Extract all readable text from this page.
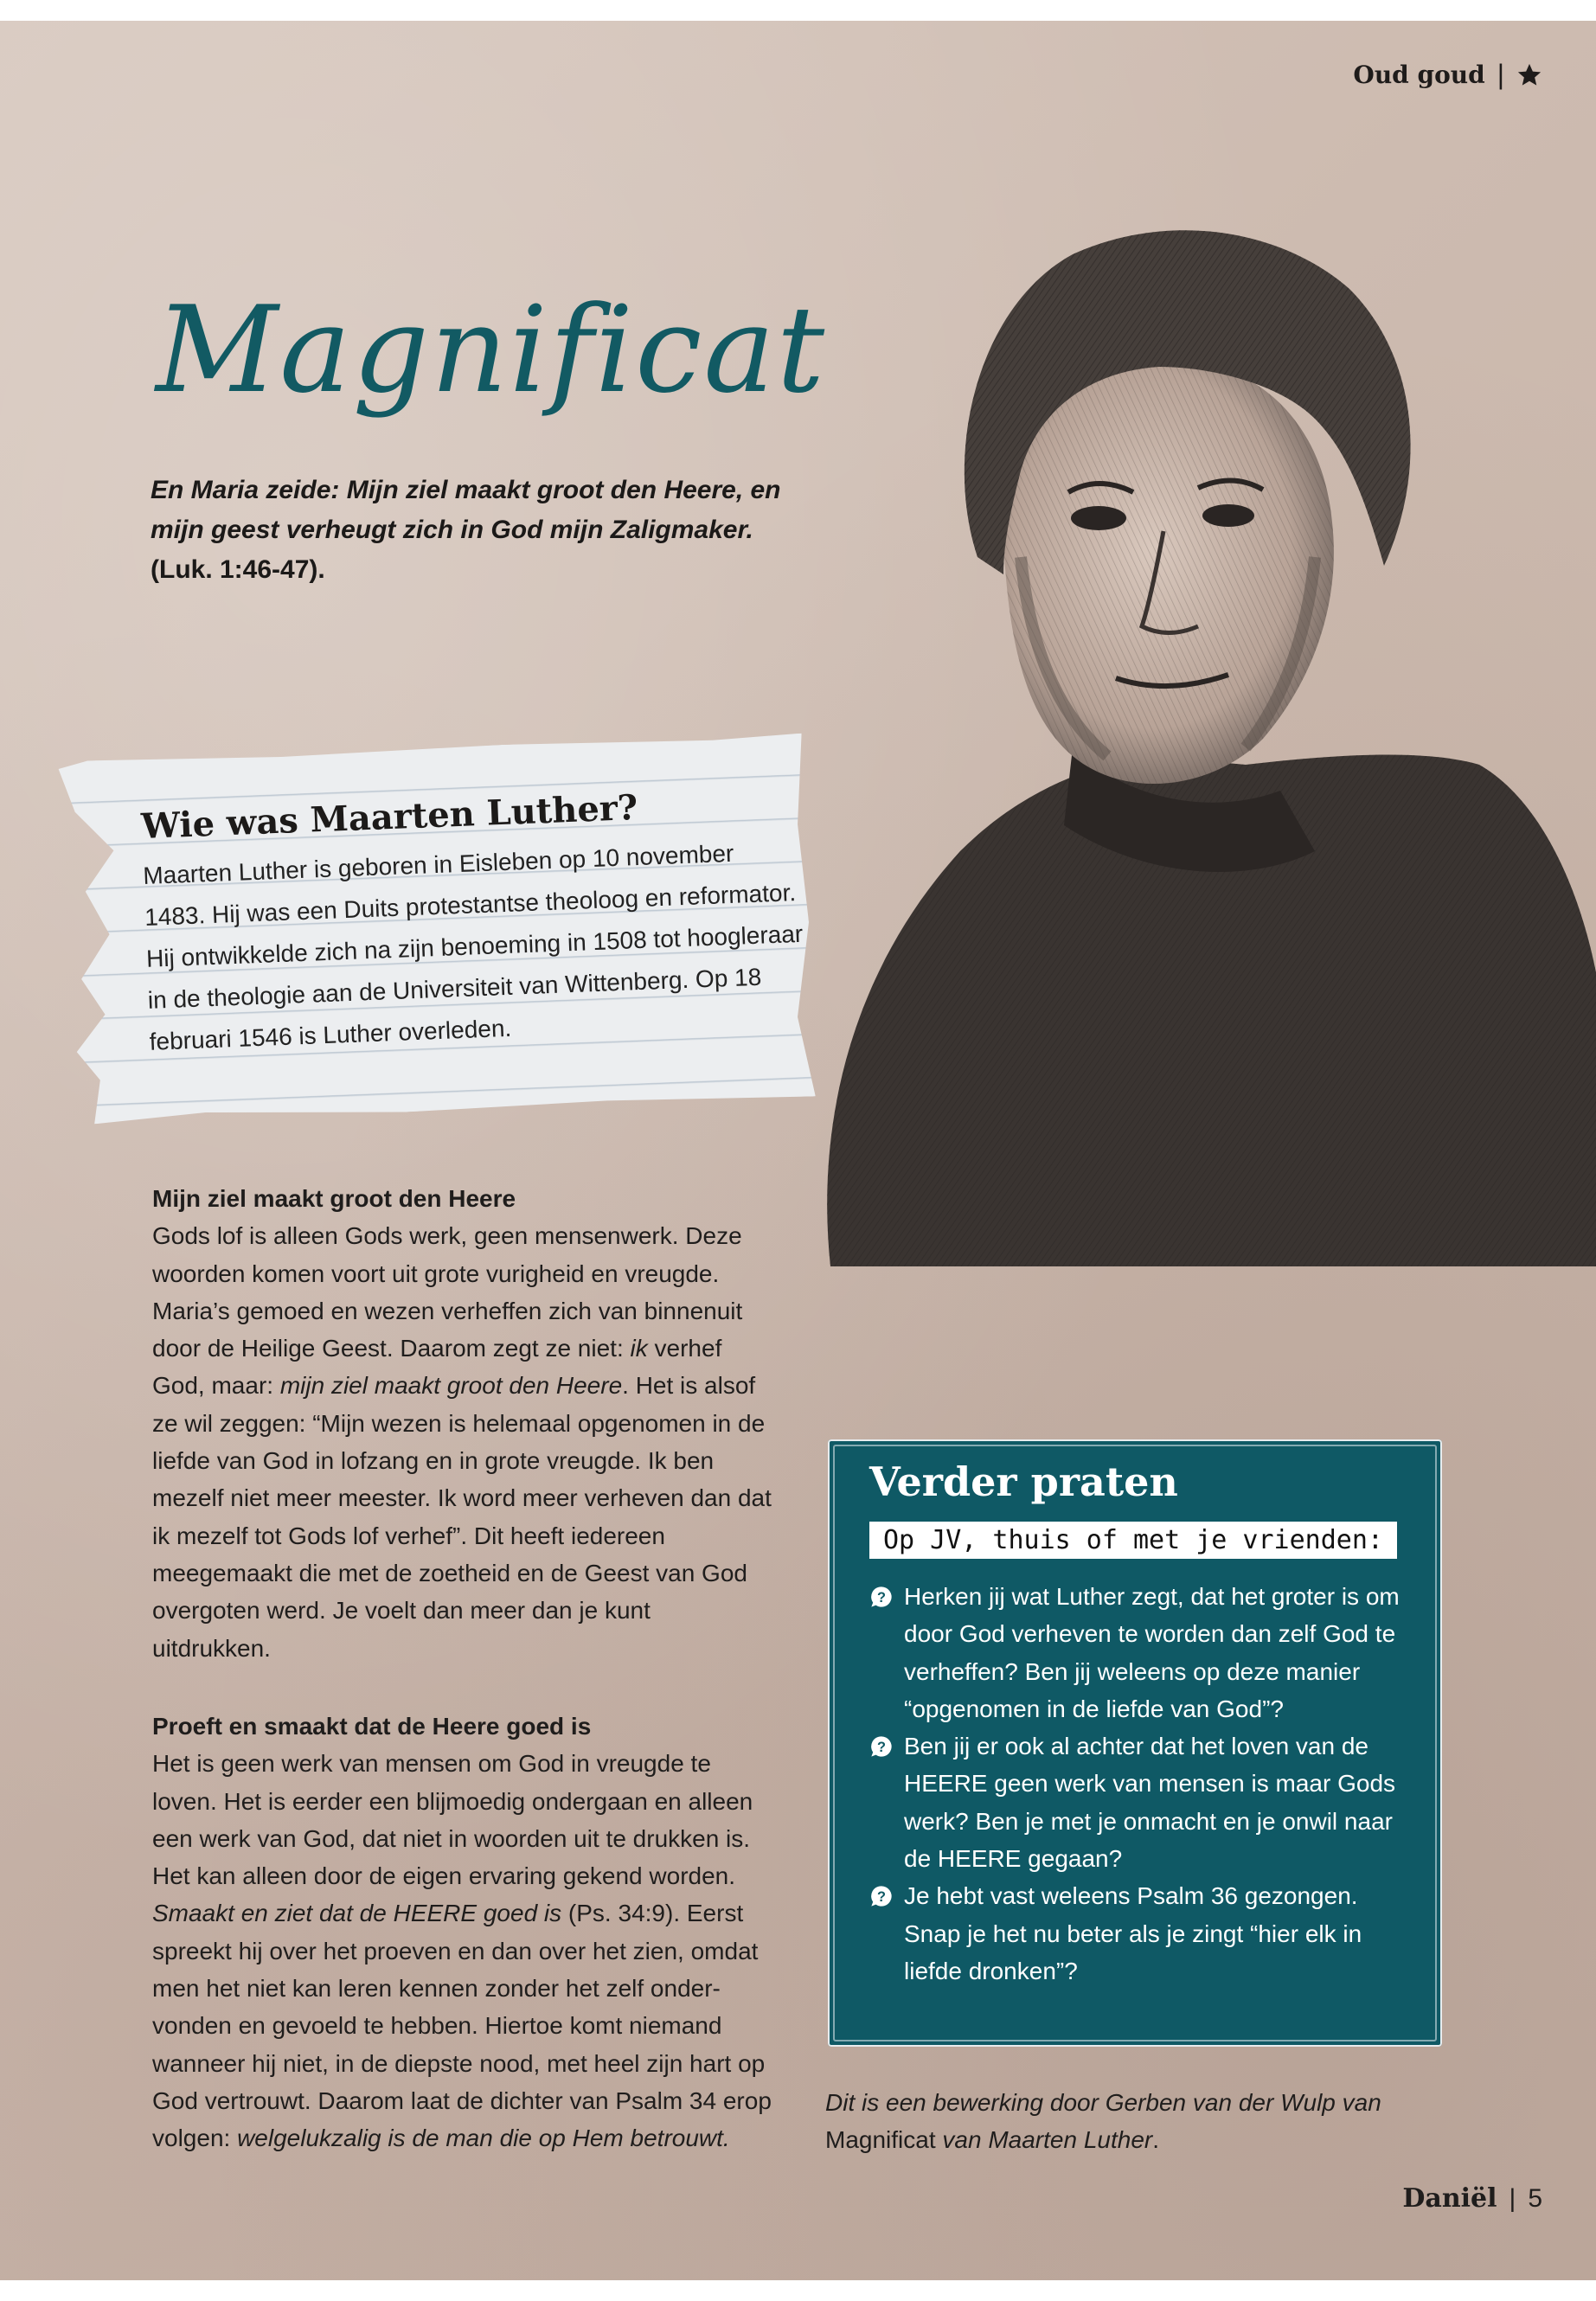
Oud goud |
Magnificat
En Maria zeide: Mijn ziel maakt groot den Heere, en
mijn geest verheugt zich in God mijn Zaligmaker.
(Luk. 1:46-47).
Wie was Maarten Luther?

Maarten Luther is geboren in Eisleben op 10 november 1483. Hij was een Duits protestantse theoloog en reformator. Hij ontwikkelde zich na zijn benoeming in 1508 tot hoogleraar in de theologie aan de Universiteit van Wittenberg. Op 18 februari 1546 is Luther overleden.

Mijn ziel maakt groot den Heere

Gods lof is alleen Gods werk, geen mensenwerk. Deze woorden komen voort uit grote vurigheid en vreugde. Maria’s gemoed en wezen verheffen zich van binnenuit door de Heilige Geest. Daarom zegt ze niet: ik verhef God, maar: mijn ziel maakt groot den Heere. Het is alsof ze wil zeggen: “Mijn wezen is helemaal opgenomen in de liefde van God in lofzang en in grote vreugde. Ik ben mezelf niet meer meester. Ik word meer verheven dan dat ik mezelf tot Gods lof verhef”. Dit heeft iedereen meegemaakt die met de zoetheid en de Geest van God overgoten werd. Je voelt dan meer dan je kunt uitdrukken.

Proeft en smaakt dat de Heere goed is

Het is geen werk van mensen om God in vreugde te loven. Het is eerder een blijmoedig ondergaan en alleen een werk van God, dat niet in woorden uit te drukken is. Het kan alleen door de eigen ervaring gekend worden. Smaakt en ziet dat de HEERE goed is (Ps. 34:9). Eerst spreekt hij over het proeven en dan over het zien, omdat men het niet kan leren kennen zonder het zelf ondervonden en gevoeld te hebben. Hiertoe komt niemand wanneer hij niet, in de diepste nood, met heel zijn hart op God vertrouwt. Daarom laat de dichter van Psalm 34 erop volgen: welgelukzalig is de man die op Hem betrouwt.

Verder praten
Op JV, thuis of met je vrienden:
? Herken jij wat Luther zegt, dat het groter is om door God verheven te worden dan zelf God te verheffen? Ben jij weleens op deze manier “opgenomen in de liefde van God”?
? Ben jij er ook al achter dat het loven van de HEERE geen werk van mensen is maar Gods werk? Ben je met je onmacht en je onwil naar de HEERE gegaan?
? Je hebt vast weleens Psalm 36 gezongen. Snap je het nu beter als je zingt “hier elk in liefde dronken”?
Dit is een bewerking door Gerben van der Wulp van
Magnificat van Maarten Luther.
Daniël | 5
